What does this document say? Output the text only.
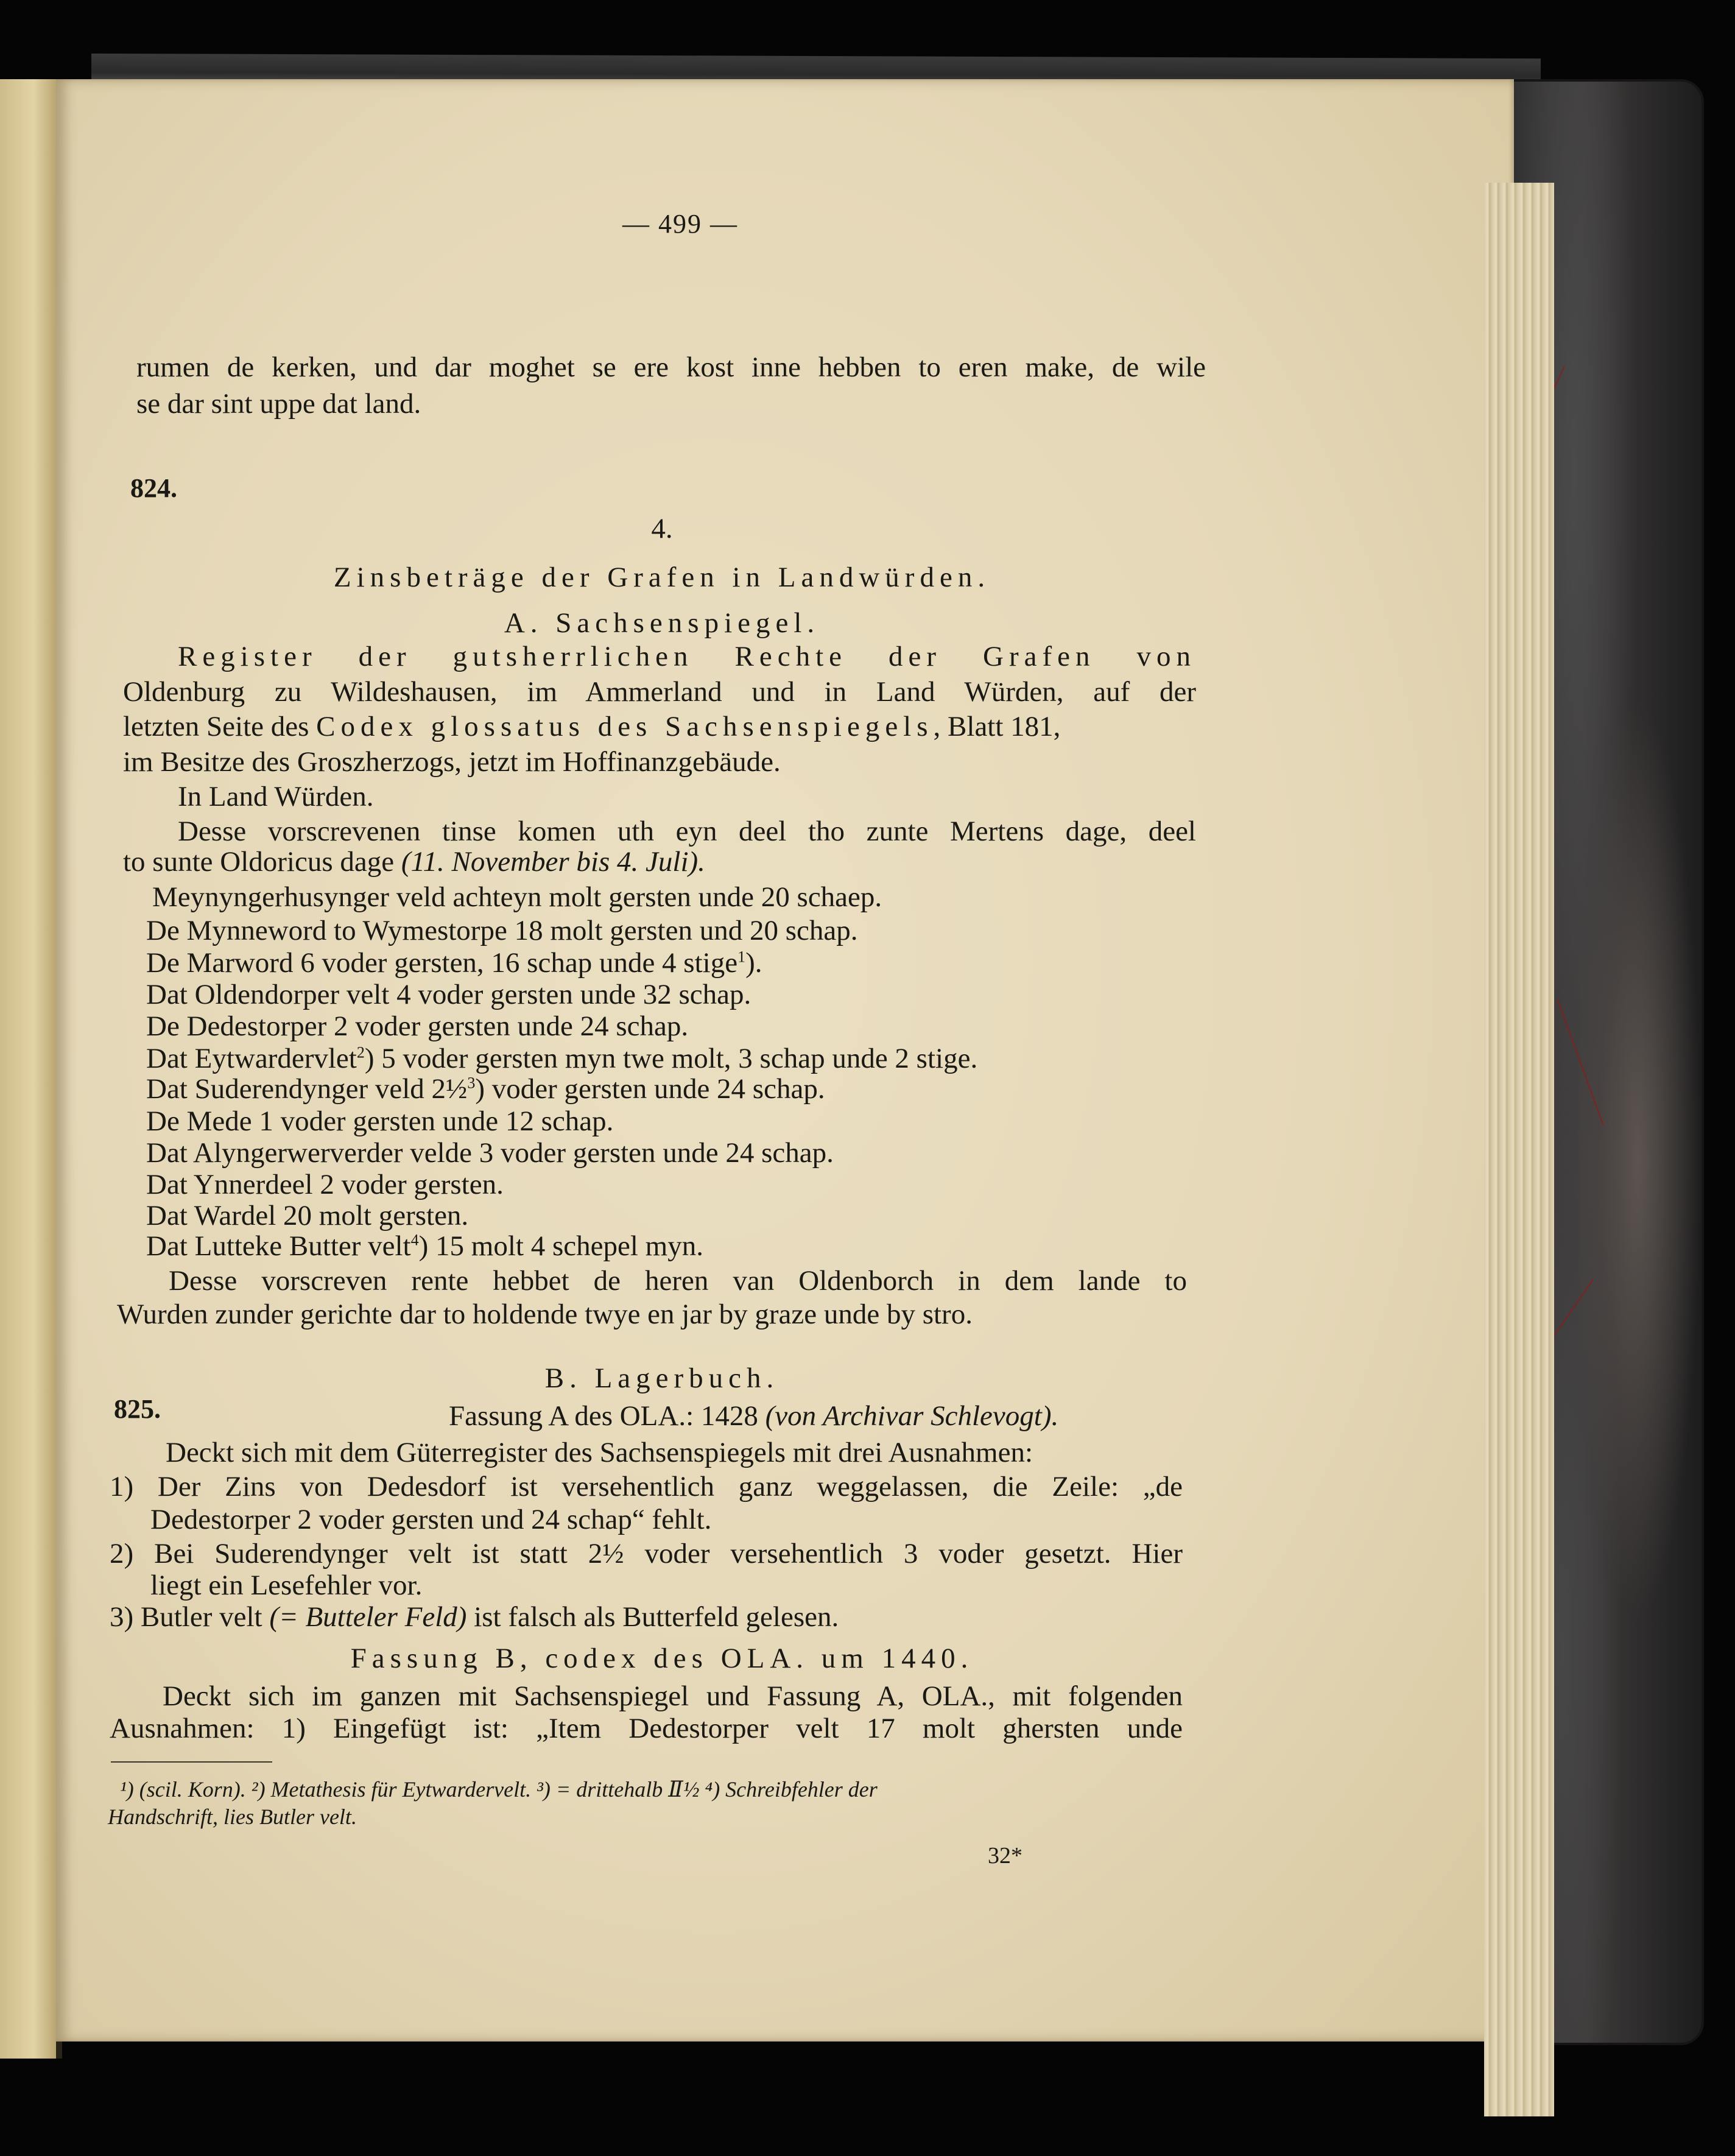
— 499 —
rumen de kerken, und dar moghet se ere kost inne hebben to eren make, de wile
se dar sint uppe dat land.
824.
4.
Zinsbeträge der Grafen in Landwürden.
A. Sachsenspiegel.
Register der gutsherrlichen Rechte der Grafen von
Oldenburg zu Wildeshausen, im Ammerland und in Land Würden, auf der
letzten Seite des Codex glossatus des Sachsenspiegels, Blatt 181,
im Besitze des Groszherzogs, jetzt im Hoffinanzgebäude.
In Land Würden.
Desse vorscrevenen tinse komen uth eyn deel tho zunte Mertens dage, deel
to sunte Oldoricus dage (11. November bis 4. Juli).
Meynyngerhusynger veld achteyn molt gersten unde 20 schaep.
De Mynneword to Wymestorpe 18 molt gersten und 20 schap.
De Marword 6 voder gersten, 16 schap unde 4 stige$^1$).
Dat Oldendorper velt 4 voder gersten unde 32 schap.
De Dedestorper 2 voder gersten unde 24 schap.
Dat Eytwardervlet$^2$) 5 voder gersten myn twe molt, 3 schap unde 2 stige.
Dat Suderendynger veld 2½$^3$) voder gersten unde 24 schap.
De Mede 1 voder gersten unde 12 schap.
Dat Alyngerwerverder velde 3 voder gersten unde 24 schap.
Dat Ynnerdeel 2 voder gersten.
Dat Wardel 20 molt gersten.
Dat Lutteke Butter velt$^4$) 15 molt 4 schepel myn.
Desse vorscreven rente hebbet de heren van Oldenborch in dem lande to
Wurden zunder gerichte dar to holdende twye en jar by graze unde by stro.
B. Lagerbuch.
825.	Fassung A des OLA.: 1428 (von Archivar Schlevogt).
Deckt sich mit dem Güterregister des Sachsenspiegels mit drei Ausnahmen:
1) Der Zins von Dedesdorf ist versehentlich ganz weggelassen, die Zeile: „de
Dedestorper 2 voder gersten und 24 schap“ fehlt.
2) Bei Suderendynger velt ist statt 2½ voder versehentlich 3 voder gesetzt. Hier
liegt ein Lesefehler vor.
3) Butler velt (= Butteler Feld) ist falsch als Butterfeld gelesen.
Fassung B, codex des OLA. um 1440.
Deckt sich im ganzen mit Sachsenspiegel und Fassung A, OLA., mit folgenden
Ausnahmen: 1) Eingefügt ist: „Item Dedestorper velt 17 molt ghersten unde
¹) (scil. Korn). ²) Metathesis für Eytwardervelt. ³) = drittehalb Ⅱ½ ⁴) Schreibfehler der
Handschrift, lies Butler velt.
32*
